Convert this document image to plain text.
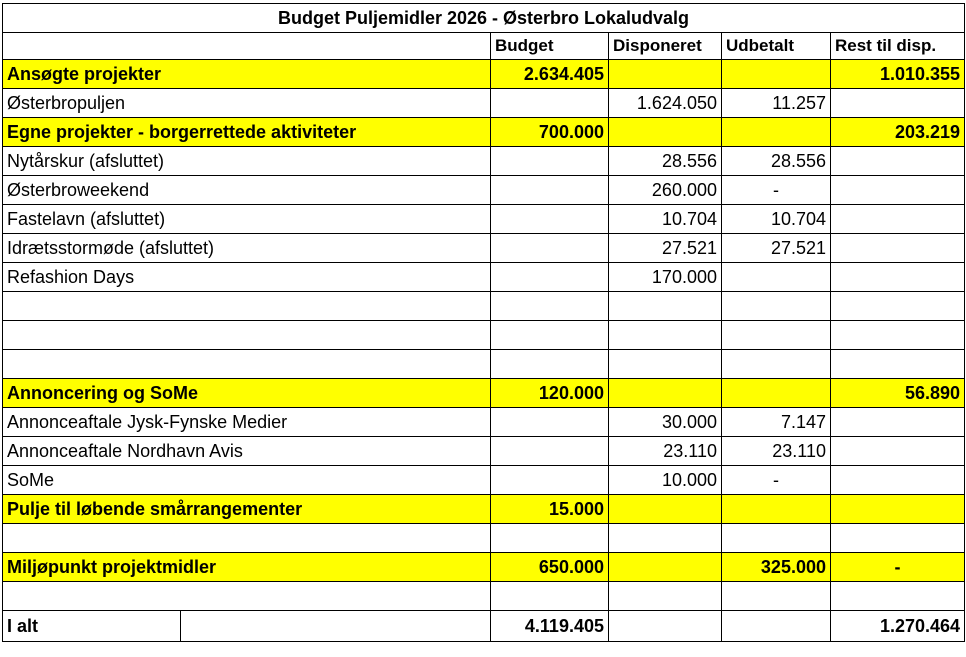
Budget Puljemidler 2026 - Østerbro Lokaludvalg					
		Budget	Disponeret	Udbetalt	Rest til disp.
Ansøgte projekter		2.634.405			1.010.355
Østerbropuljen			1.624.050	11.257	
Egne projekter - borgerrettede aktiviteter		700.000			203.219
Nytårskur (afsluttet)			28.556	28.556	
Østerbroweekend			260.000	-	
Fastelavn (afsluttet)			10.704	10.704	
Idrætsstormøde (afsluttet)			27.521	27.521	
Refashion Days			170.000		

Annoncering og SoMe		120.000			56.890
Annonceaftale Jysk-Fynske Medier			30.000	7.147	
Annonceaftale Nordhavn Avis			23.110	23.110	
SoMe			10.000	-	
Pulje til løbende smårrangementer		15.000			

Miljøpunkt projektmidler		650.000		325.000	-

I alt		4.119.405			1.270.464
